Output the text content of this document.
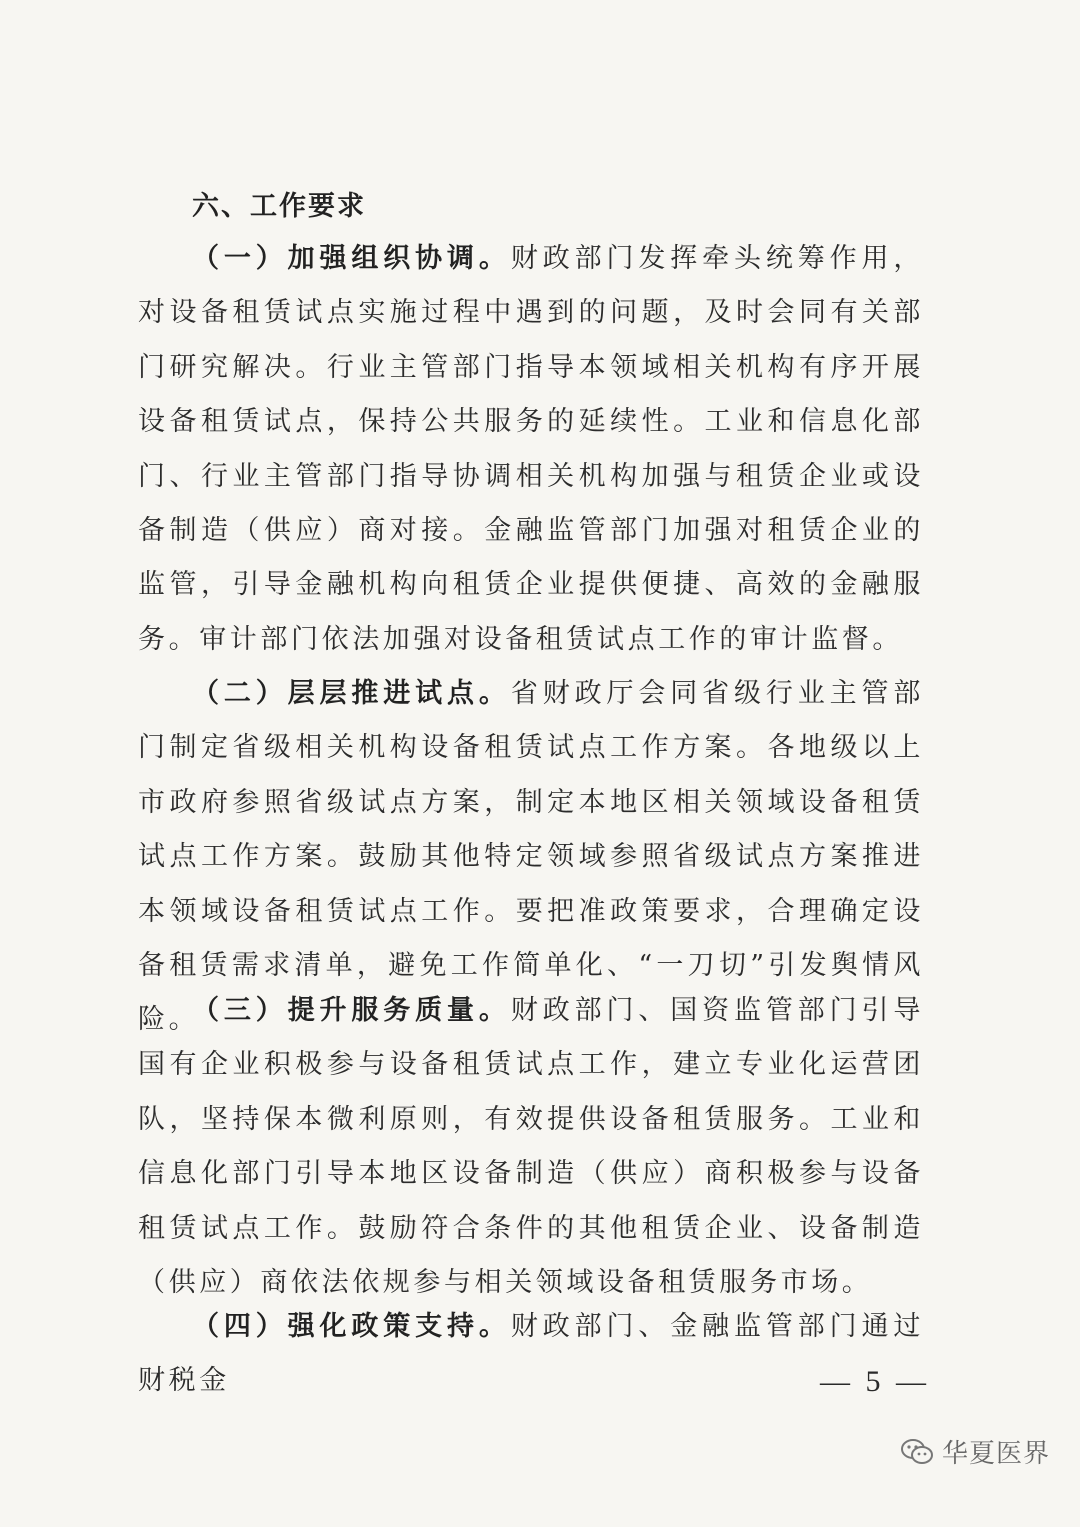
六、工作要求

（一）加强组织协调。财政部门发挥牵头统筹作用，对设备租赁试点实施过程中遇到的问题，及时会同有关部门研究解决。行业主管部门指导本领域相关机构有序开展设备租赁试点，保持公共服务的延续性。工业和信息化部门、行业主管部门指导协调相关机构加强与租赁企业或设备制造（供应）商对接。金融监管部门加强对租赁企业的监管，引导金融机构向租赁企业提供便捷、高效的金融服务。审计部门依法加强对设备租赁试点工作的审计监督。

（二）层层推进试点。省财政厅会同省级行业主管部门制定省级相关机构设备租赁试点工作方案。各地级以上市政府参照省级试点方案，制定本地区相关领域设备租赁试点工作方案。鼓励其他特定领域参照省级试点方案推进本领域设备租赁试点工作。要把准政策要求，合理确定设备租赁需求清单，避免工作简单化、“一刀切”引发舆情风险。

（三）提升服务质量。财政部门、国资监管部门引导国有企业积极参与设备租赁试点工作，建立专业化运营团队，坚持保本微利原则，有效提供设备租赁服务。工业和信息化部门引导本地区设备制造（供应）商积极参与设备租赁试点工作。鼓励符合条件的其他租赁企业、设备制造（供应）商依法依规参与相关领域设备租赁服务市场。

（四）强化政策支持。财政部门、金融监管部门通过财税金	— 5 —
华夏医界
